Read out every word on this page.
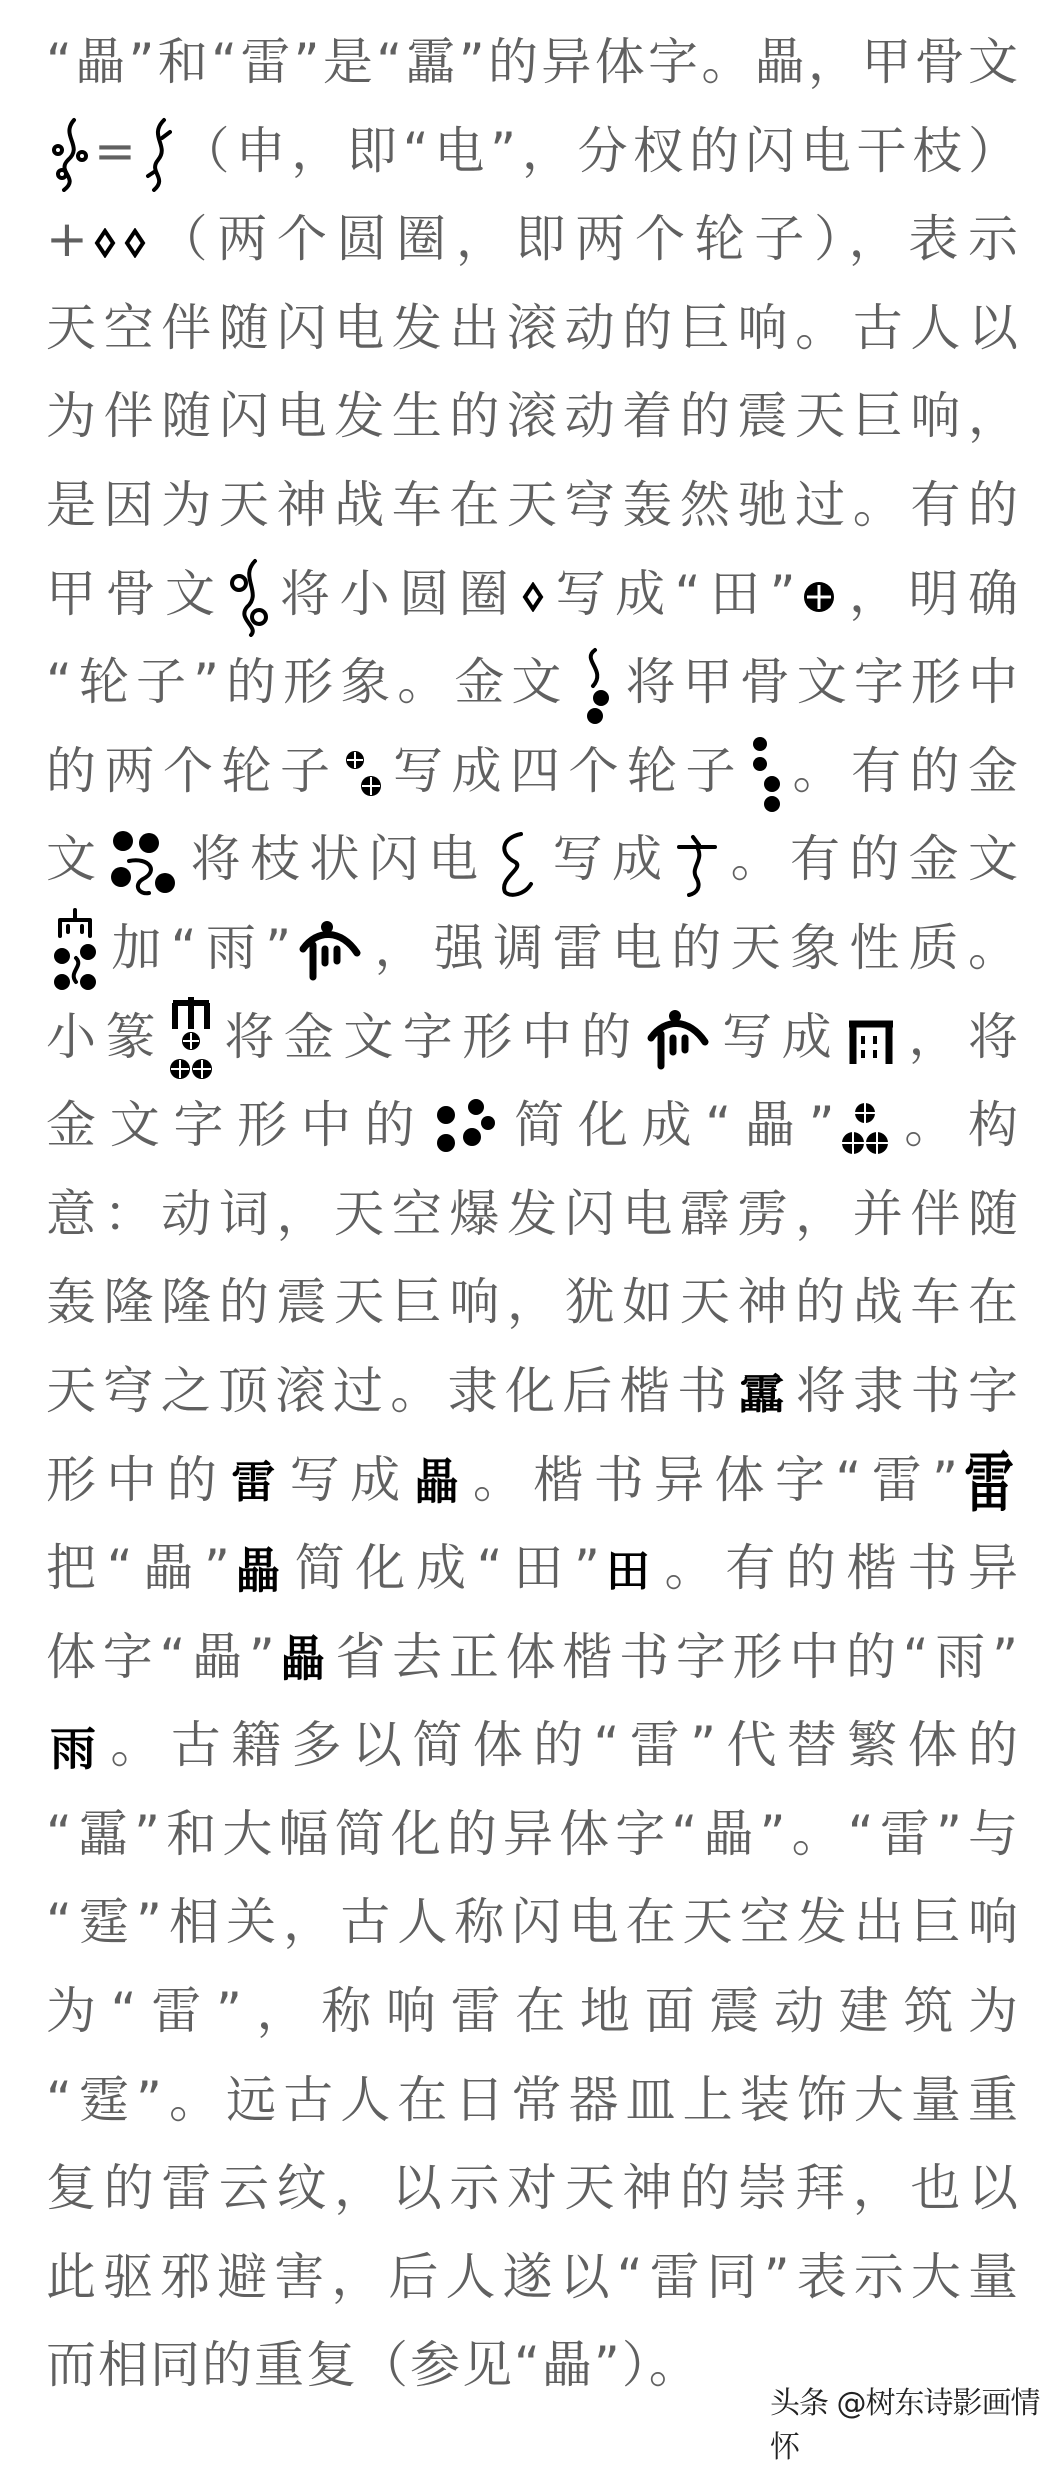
“畾”和“雷”是“靁”的异体字。畾，甲骨文
= （申，即“电”，分杈的闪电干枝）
+ （两个圆圈，即两个轮子），表示
天空伴随闪电发出滚动的巨响。古人以
为伴随闪电发生的滚动着的震天巨响，
是因为天神战车在天穹轰然驰过。有的
甲骨文 将小圆圈 写成“田” ，明确
“轮子”的形象。金文 将甲骨文字形中
的两个轮子 写成四个轮子 。有的金
文 将枝状闪电 写成 。有的金文
加“雨” ，强调雷电的天象性质。
小篆 将金文字形中的 写成 ，将
金文字形中的 简化成“畾” 。构
意：动词，天空爆发闪电霹雳，并伴随
轰隆隆的震天巨响，犹如天神的战车在
天穹之顶滚过。隶化后楷书靁将隶书字
形中的雷写成畾。楷书异体字“雷”雷
把“畾”畾简化成“田”田。有的楷书异
体字“畾”畾省去正体楷书字形中的“雨”
雨。古籍多以简体的“雷”代替繁体的
“靁”和大幅简化的异体字“畾”。“雷”与
“霆”相关，古人称闪电在天空发出巨响
为“雷”，称响雷在地面震动建筑为
“霆”。远古人在日常器皿上装饰大量重
复的雷云纹，以示对天神的崇拜，也以
此驱邪避害，后人遂以“雷同”表示大量
而相同的重复（参见“畾”）。
头条 @树东诗影画情怀
